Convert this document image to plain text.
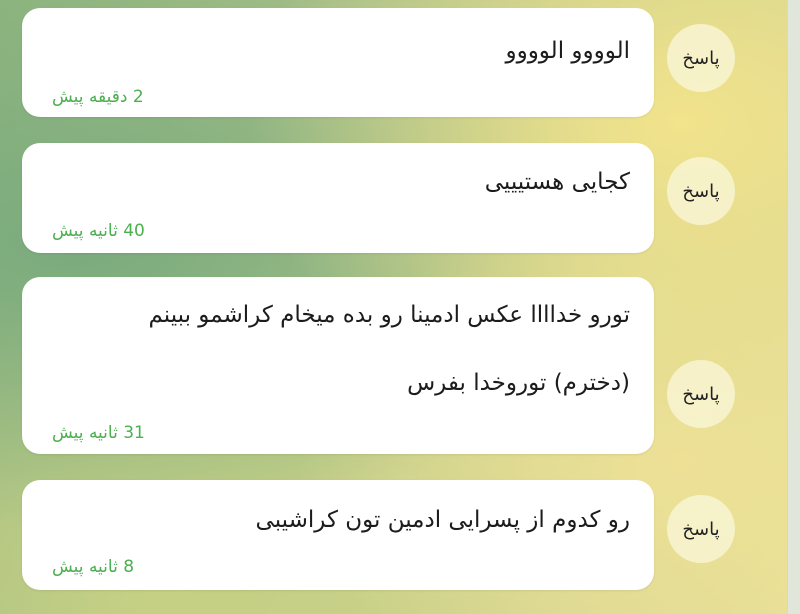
الوووو الوووو
2 دقیقه پیش
پاسخ
کجایی هستیییی
40 ثانیه پیش
پاسخ
تورو خداااا عکس ادمینا رو بده میخام کراشمو ببینم
(دخترم) توروخدا بفرس
31 ثانیه پیش
پاسخ
رو کدوم از پسرایی ادمین تون کراشیبی
8 ثانیه پیش
پاسخ
